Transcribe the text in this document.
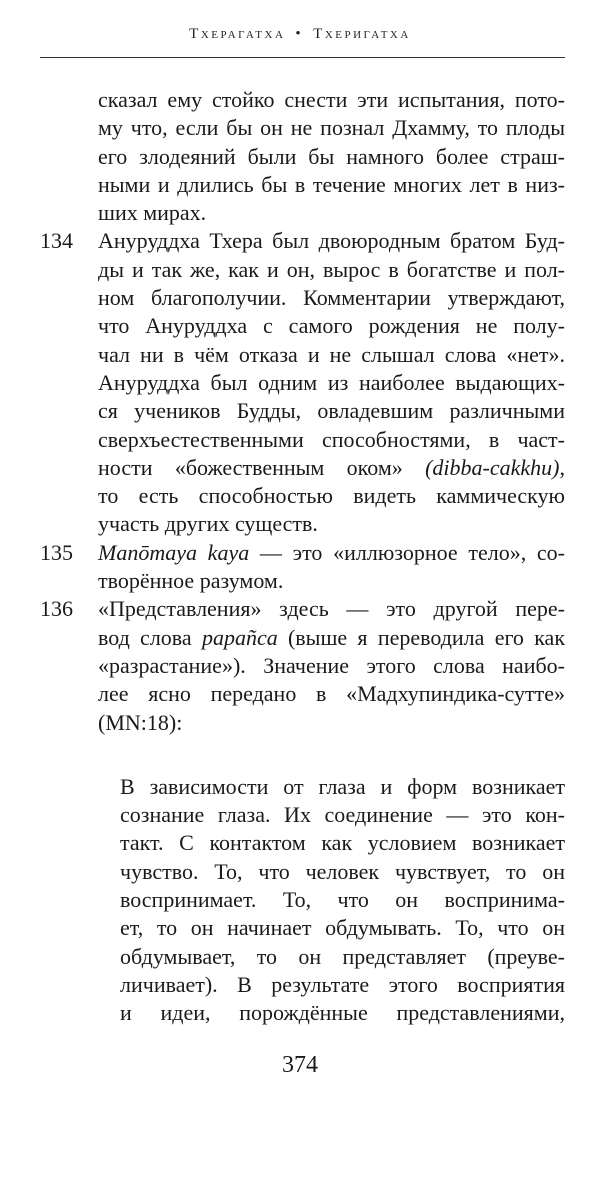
Тхерагатха • Тхеригатха
сказал ему стойко снести эти испытания, пото-
му что, если бы он не познал Дхамму, то плоды
его злодеяний были бы намного более страш-
ными и длились бы в течение многих лет в низ-
ших мирах.
134 Ануруддха Тхера был двоюродным братом Буд-
ды и так же, как и он, вырос в богатстве и пол-
ном благополучии. Комментарии утверждают,
что Ануруддха с самого рождения не полу-
чал ни в чём отказа и не слышал слова «нет».
Ануруддха был одним из наиболее выдающих-
ся учеников Будды, овладевшим различными
сверхъестественными способностями, в част-
ности «божественным оком» (dibba-cakkhu),
то есть способностью видеть каммическую
участь других существ.
135 Manōmaya kaya — это «иллюзорное тело», со-
творённое разумом.
136 «Представления» здесь — это другой пере-
вод слова papañca (выше я переводила его как
«разрастание»). Значение этого слова наибо-
лее ясно передано в «Мадхупиндика-сутте»
(MN:18):
В зависимости от глаза и форм возникает
сознание глаза. Их соединение — это кон-
такт. С контактом как условием возникает
чувство. То, что человек чувствует, то он
воспринимает. То, что он воспринима-
ет, то он начинает обдумывать. То, что он
обдумывает, то он представляет (преуве-
личивает). В результате этого восприятия
и идеи, порождённые представлениями,
374
